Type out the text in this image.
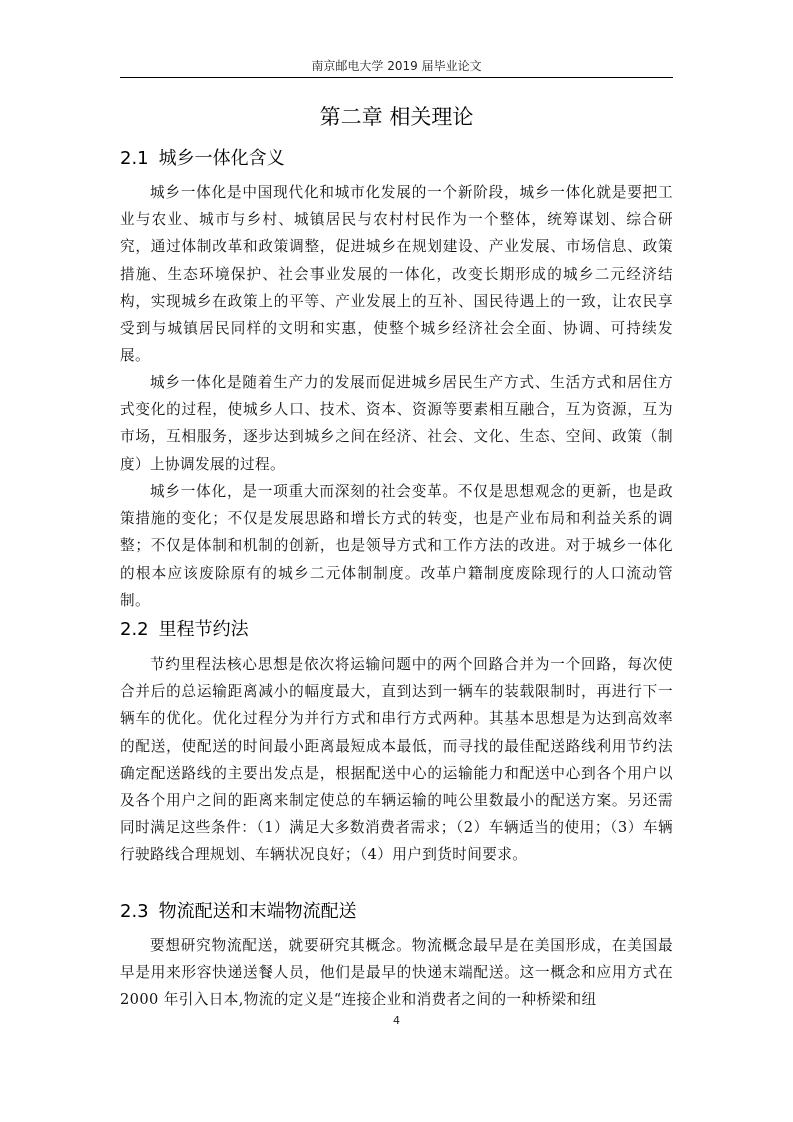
南京邮电大学 2019 届毕业论文
第二章 相关理论
2.1 城乡一体化含义

城乡一体化是中国现代化和城市化发展的一个新阶段，城乡一体化就是要把工业与农业、城市与乡村、城镇居民与农村村民作为一个整体，统筹谋划、综合研究，通过体制改革和政策调整，促进城乡在规划建设、产业发展、市场信息、政策措施、生态环境保护、社会事业发展的一体化，改变长期形成的城乡二元经济结构，实现城乡在政策上的平等、产业发展上的互补、国民待遇上的一致，让农民享受到与城镇居民同样的文明和实惠，使整个城乡经济社会全面、协调、可持续发展。

城乡一体化是随着生产力的发展而促进城乡居民生产方式、生活方式和居住方式变化的过程，使城乡人口、技术、资本、资源等要素相互融合，互为资源，互为市场，互相服务，逐步达到城乡之间在经济、社会、文化、生态、空间、政策（制度）上协调发展的过程。

城乡一体化，是一项重大而深刻的社会变革。不仅是思想观念的更新，也是政策措施的变化；不仅是发展思路和增长方式的转变，也是产业布局和利益关系的调整；不仅是体制和机制的创新，也是领导方式和工作方法的改进。对于城乡一体化的根本应该废除原有的城乡二元体制制度。改革户籍制度废除现行的人口流动管制。

2.2 里程节约法

节约里程法核心思想是依次将运输问题中的两个回路合并为一个回路，每次使合并后的总运输距离减小的幅度最大，直到达到一辆车的装载限制时，再进行下一辆车的优化。优化过程分为并行方式和串行方式两种。其基本思想是为达到高效率的配送，使配送的时间最小距离最短成本最低，而寻找的最佳配送路线利用节约法确定配送路线的主要出发点是，根据配送中心的运输能力和配送中心到各个用户以及各个用户之间的距离来制定使总的车辆运输的吨公里数最小的配送方案。另还需同时满足这些条件：（1）满足大多数消费者需求；（2）车辆适当的使用；（3）车辆行驶路线合理规划、车辆状况良好；（4）用户到货时间要求。

2.3 物流配送和末端物流配送

要想研究物流配送，就要研究其概念。物流概念最早是在美国形成，在美国最早是用来形容快递送餐人员，他们是最早的快递末端配送。这一概念和应用方式在 2000 年引入日本,物流的定义是“连接企业和消费者之间的一种桥梁和纽

4
